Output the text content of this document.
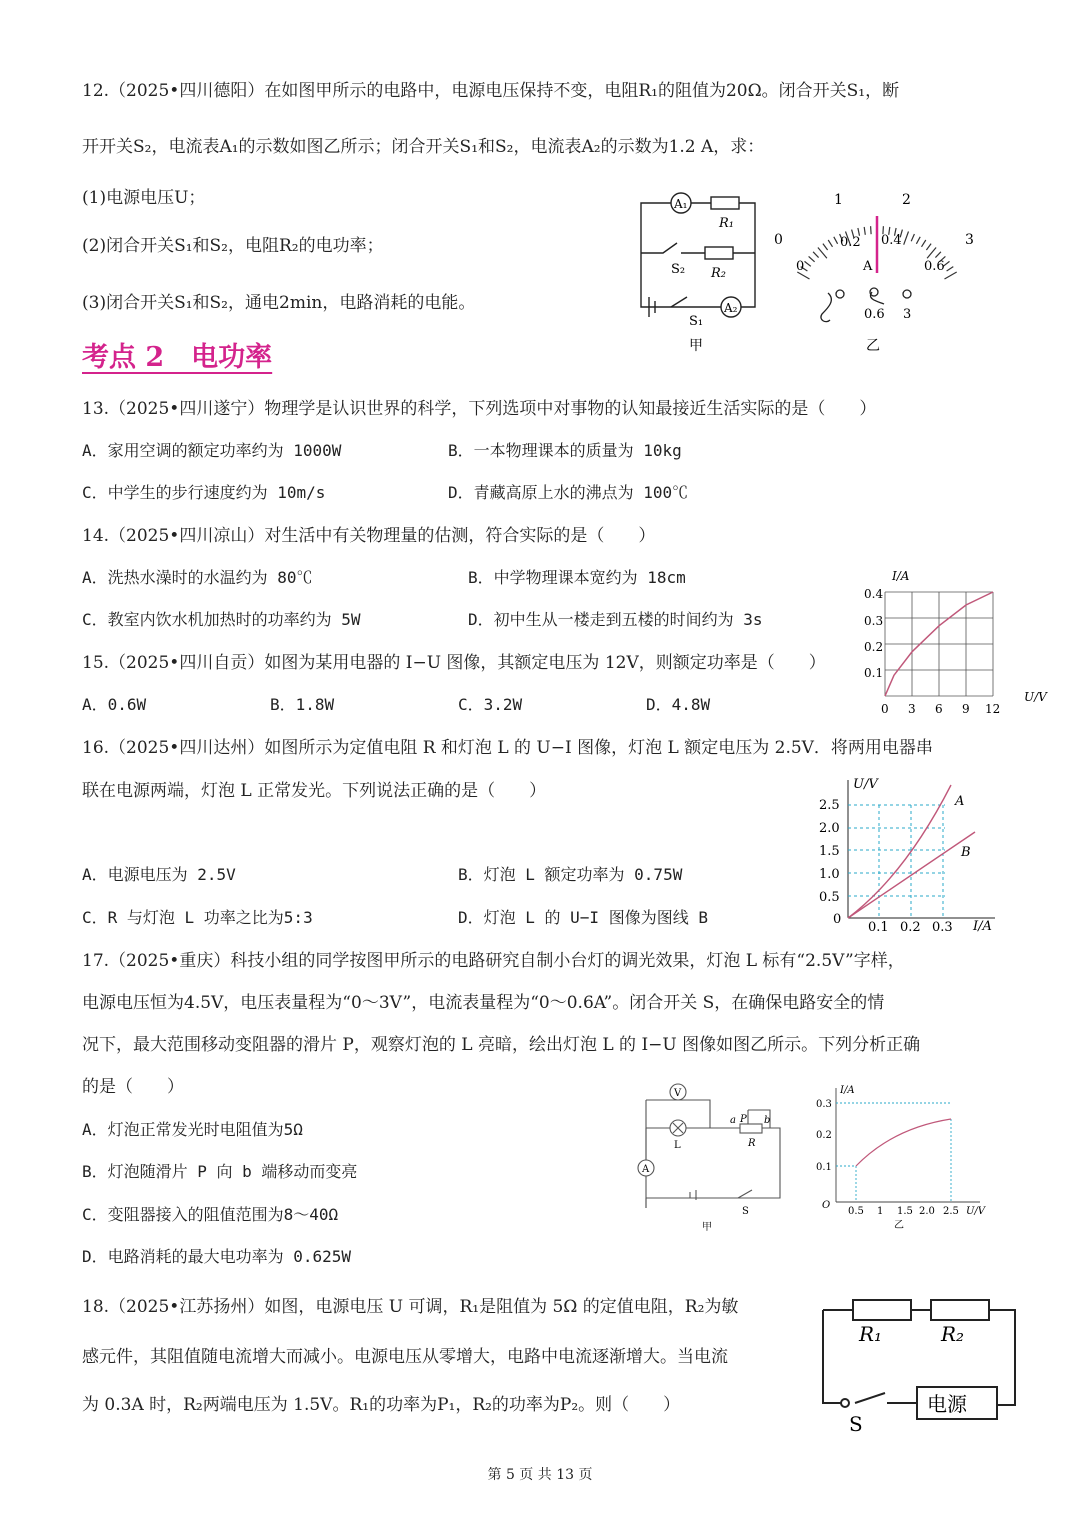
12.（2025•四川德阳）在如图甲所示的电路中，电源电压保持不变，电阻R₁的阻值为20Ω。闭合开关S₁，断
开开关S₂，电流表A₁的示数如图乙所示；闭合开关S₁和S₂，电流表A₂的示数为1.2 A，求：
(1)电源电压U；
(2)闭合开关S₁和S₂，电阻R₂的电功率；
(3)闭合开关S₁和S₂，通电2min，电路消耗的电能。
A₁
R₁
S₂ R₂
S₁
A₂
甲
1	2
0	3
0.2 0.4
0	0.6
A
0.6 3
乙
考点 2　电功率
13.（2025•四川遂宁）物理学是认识世界的科学，下列选项中对事物的认知最接近生活实际的是（　　）
A．家用空调的额定功率约为 1000W	B．一本物理课本的质量为 10kg
C．中学生的步行速度约为 10m/s	D．青藏高原上水的沸点为 100℃
14.（2025•四川凉山）对生活中有关物理量的估测，符合实际的是（　　）
A．洗热水澡时的水温约为 80℃	B．中学物理课本宽约为 18cm
C．教室内饮水机加热时的功率约为 5W	D．初中生从一楼走到五楼的时间约为 3s
15.（2025•四川自贡）如图为某用电器的 I−U 图像，其额定电压为 12V，则额定功率是（　　）
A．0.6W	B．1.8W	C．3.2W	D．4.8W
I/A
U/V
0.4
0.3
0.2
0.1
0 3 6 9 12
16.（2025•四川达州）如图所示为定值电阻 R 和灯泡 L 的 U−I 图像，灯泡 L 额定电压为 2.5V．将两用电器串
联在电源两端，灯泡 L 正常发光。下列说法正确的是（　　）
A．电源电压为 2.5V	B．灯泡 L 额定功率为 0.75W
C．R 与灯泡 L 功率之比为5:3	D．灯泡 L 的 U−I 图像为图线 B
U/V
I/A
2.5
2.0
1.5
1.0
0.5
0
0.1 0.2 0.3
A
B
17.（2025•重庆）科技小组的同学按图甲所示的电路研究自制小台灯的调光效果，灯泡 L 标有“2.5V”字样，
电源电压恒为4.5V，电压表量程为“0～3V”，电流表量程为“0～0.6A”。闭合开关 S，在确保电路安全的情
况下，最大范围移动变阻器的滑片 P，观察灯泡的 L 亮暗，绘出灯泡 L 的 I−U 图像如图乙所示。下列分析正确
的是（　　）
A．灯泡正常发光时电阻值为5Ω
B．灯泡随滑片 P 向 b 端移动而变亮
C．变阻器接入的阻值范围为8～40Ω
D．电路消耗的最大电功率为 0.625W
V
L
A
P
a	b
R
S
甲
I/A
U/V
0.3
0.2
0.1
O
0.5 1 1.5 2.0 2.5
乙
18.（2025•江苏扬州）如图，电源电压 U 可调，R₁是阻值为 5Ω 的定值电阻，R₂为敏
感元件，其阻值随电流增大而减小。电源电压从零增大，电路中电流逐渐增大。当电流
为 0.3A 时，R₂两端电压为 1.5V。R₁的功率为P₁，R₂的功率为P₂。则（　　）
R₁	R₂
电源
S
第 5 页 共 13 页
